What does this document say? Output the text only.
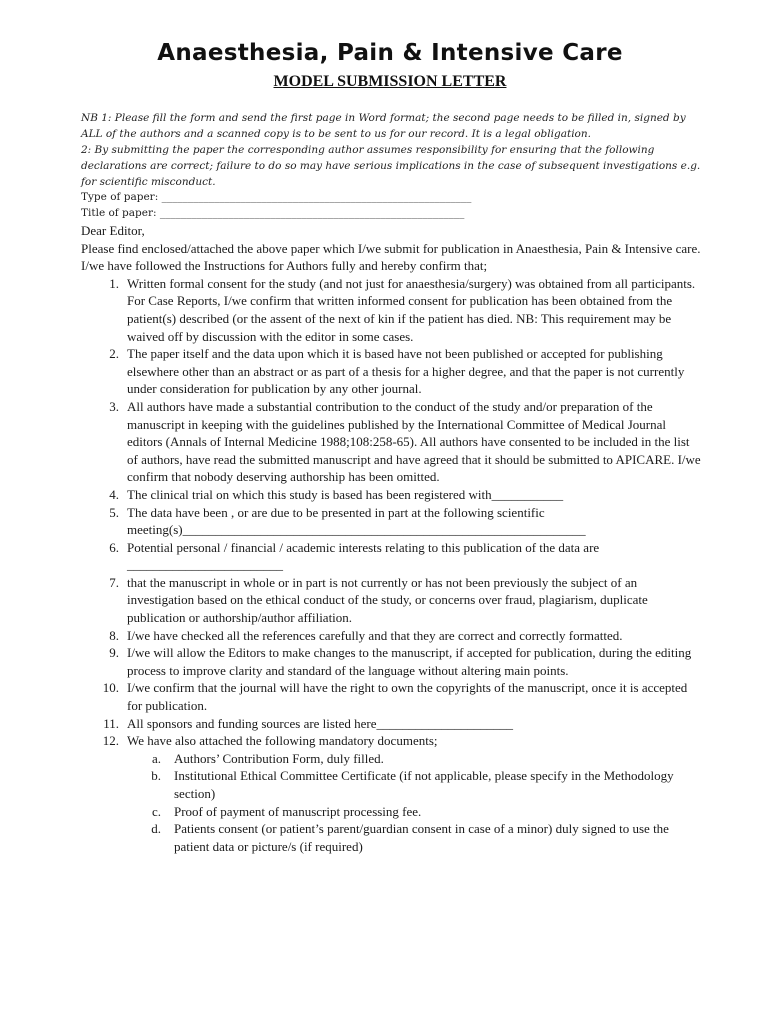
Anaesthesia, Pain & Intensive Care
MODEL SUBMISSION LETTER

NB 1: Please fill the form and send the first page in Word format; the second page needs to be filled in, signed by ALL of the authors and a scanned copy is to be sent to us for our record. It is a legal obligation.

2: By submitting the paper the corresponding author assumes responsibility for ensuring that the following declarations are correct; failure to do so may have serious implications in the case of subsequent investigations e.g. for scientific misconduct.

Type of paper: ___________________________________________________________
Title of paper: __________________________________________________________

Dear Editor,

Please find enclosed/attached the above paper which I/we submit for publication in Anaesthesia, Pain & Intensive care.

I/we have followed the Instructions for Authors fully and hereby confirm that;

1. Written formal consent for the study (and not just for anaesthesia/surgery) was obtained from all participants. For Case Reports, I/we confirm that written informed consent for publication has been obtained from the patient(s) described (or the assent of the next of kin if the patient has died. NB: This requirement may be waived off by discussion with the editor in some cases.
2. The paper itself and the data upon which it is based have not been published or accepted for publishing elsewhere other than an abstract or as part of a thesis for a higher degree, and that the paper is not currently under consideration for publication by any other journal.
3. All authors have made a substantial contribution to the conduct of the study and/or preparation of the manuscript in keeping with the guidelines published by the International Committee of Medical Journal editors (Annals of Internal Medicine 1988;108:258-65). All authors have consented to be included in the list of authors, have read the submitted manuscript and have agreed that it should be submitted to APICARE. I/we confirm that nobody deserving authorship has been omitted.
4. The clinical trial on which this study is based has been registered with___________
5. The data have been , or are due to be presented in part at the following scientific meeting(s)______________________________________________________________
6. Potential personal / financial / academic interests relating to this publication of the data are ________________________
7. that the manuscript in whole or in part is not currently or has not been previously the subject of an investigation based on the ethical conduct of the study, or concerns over fraud, plagiarism, duplicate publication or authorship/author affiliation.
8. I/we have checked all the references carefully and that they are correct and correctly formatted.
9. I/we will allow the Editors to make changes to the manuscript, if accepted for publication, during the editing process to improve clarity and standard of the language without altering main points.
10. I/we confirm that the journal will have the right to own the copyrights of the manuscript, once it is accepted for publication.
11. All sponsors and funding sources are listed here_____________________
12. We have also attached the following mandatory documents;
a. Authors’ Contribution Form, duly filled.
b. Institutional Ethical Committee Certificate (if not applicable, please specify in the Methodology section)
c. Proof of payment of manuscript processing fee.
d. Patients consent (or patient’s parent/guardian consent in case of a minor) duly signed to use the patient data or picture/s (if required)
